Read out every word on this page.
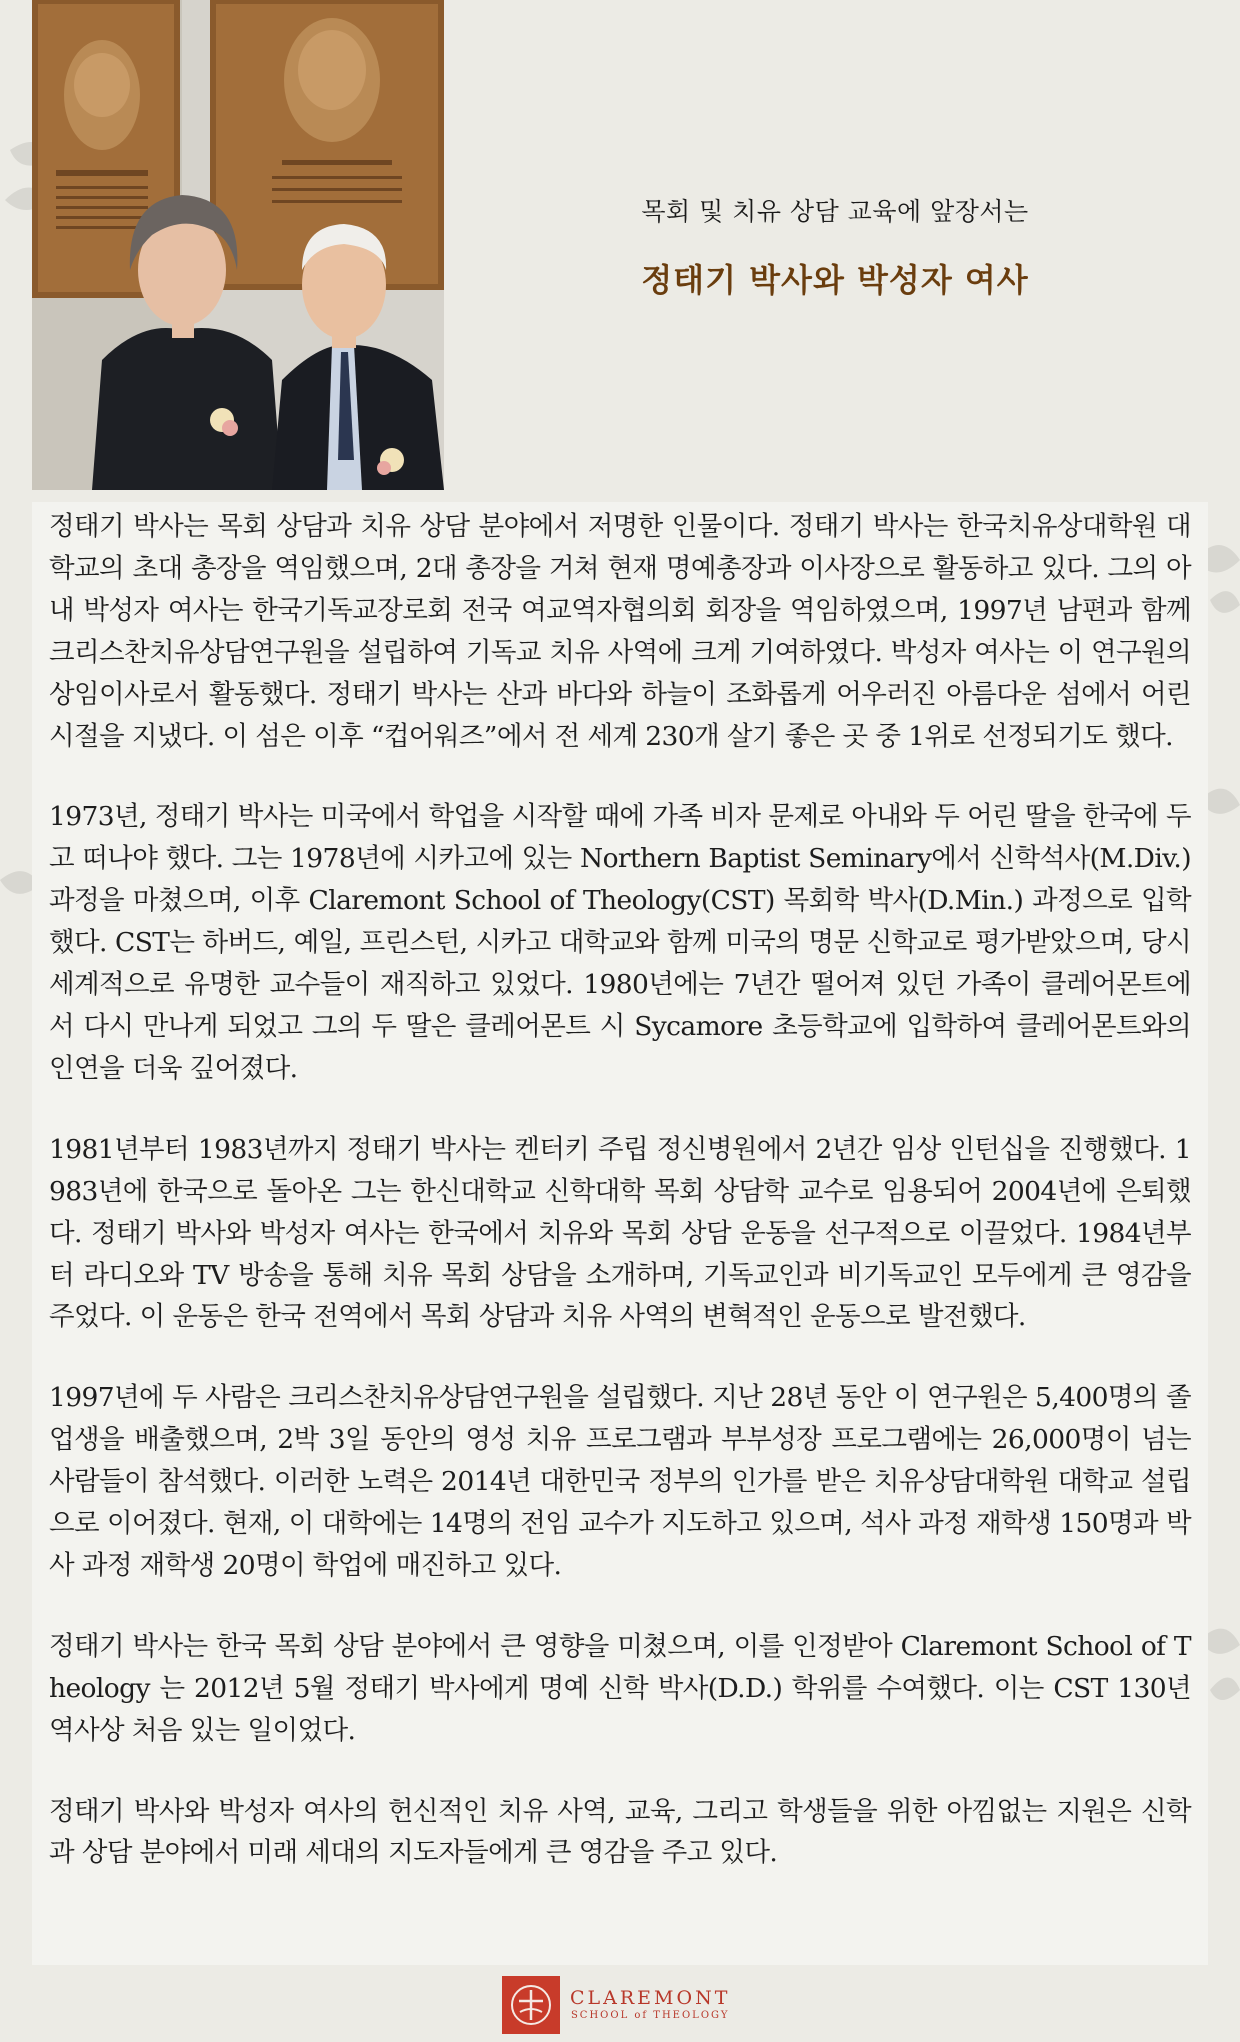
목회 및 치유 상담 교육에 앞장서는
정태기 박사와 박성자 여사

정태기 박사는 목회 상담과 치유 상담 분야에서 저명한 인물이다. 정태기 박사는 한국치유상대학원 대학교의 초대 총장을 역임했으며, 2대 총장을 거쳐 현재 명예총장과 이사장으로 활동하고 있다. 그의 아내 박성자 여사는 한국기독교장로회 전국 여교역자협의회 회장을 역임하였으며, 1997년 남편과 함께 크리스찬치유상담연구원을 설립하여 기독교 치유 사역에 크게 기여하였다. 박성자 여사는 이 연구원의 상임이사로서 활동했다. 정태기 박사는 산과 바다와 하늘이 조화롭게 어우러진 아름다운 섬에서 어린 시절을 지냈다. 이 섬은 이후 “컵어워즈”에서 전 세계 230개 살기 좋은 곳 중 1위로 선정되기도 했다.

1973년, 정태기 박사는 미국에서 학업을 시작할 때에 가족 비자 문제로 아내와 두 어린 딸을 한국에 두고 떠나야 했다. 그는 1978년에 시카고에 있는 Northern Baptist Seminary에서 신학석사(M.Div.) 과정을 마쳤으며, 이후 Claremont School of Theology(CST) 목회학 박사(D.Min.) 과정으로 입학했다. CST는 하버드, 예일, 프린스턴, 시카고 대학교와 함께 미국의 명문 신학교로 평가받았으며, 당시 세계적으로 유명한 교수들이 재직하고 있었다. 1980년에는 7년간 떨어져 있던 가족이 클레어몬트에서 다시 만나게 되었고 그의 두 딸은 클레어몬트 시 Sycamore 초등학교에 입학하여 클레어몬트와의 인연을 더욱 깊어졌다.

1981년부터 1983년까지 정태기 박사는 켄터키 주립 정신병원에서 2년간 임상 인턴십을 진행했다. 1983년에 한국으로 돌아온 그는 한신대학교 신학대학 목회 상담학 교수로 임용되어 2004년에 은퇴했다. 정태기 박사와 박성자 여사는 한국에서 치유와 목회 상담 운동을 선구적으로 이끌었다. 1984년부터 라디오와 TV 방송을 통해 치유 목회 상담을 소개하며, 기독교인과 비기독교인 모두에게 큰 영감을 주었다. 이 운동은 한국 전역에서 목회 상담과 치유 사역의 변혁적인 운동으로 발전했다.

1997년에 두 사람은 크리스찬치유상담연구원을 설립했다. 지난 28년 동안 이 연구원은 5,400명의 졸업생을 배출했으며, 2박 3일 동안의 영성 치유 프로그램과 부부성장 프로그램에는 26,000명이 넘는 사람들이 참석했다. 이러한 노력은 2014년 대한민국 정부의 인가를 받은 치유상담대학원 대학교 설립으로 이어졌다. 현재, 이 대학에는 14명의 전임 교수가 지도하고 있으며, 석사 과정 재학생 150명과 박사 과정 재학생 20명이 학업에 매진하고 있다.

정태기 박사는 한국 목회 상담 분야에서 큰 영향을 미쳤으며, 이를 인정받아 Claremont School of Theology 는 2012년 5월 정태기 박사에게 명예 신학 박사(D.D.) 학위를 수여했다. 이는 CST 130년 역사상 처음 있는 일이었다.

정태기 박사와 박성자 여사의 헌신적인 치유 사역, 교육, 그리고 학생들을 위한 아낌없는 지원은 신학과 상담 분야에서 미래 세대의 지도자들에게 큰 영감을 주고 있다.

CLAREMONT
SCHOOL of THEOLOGY
